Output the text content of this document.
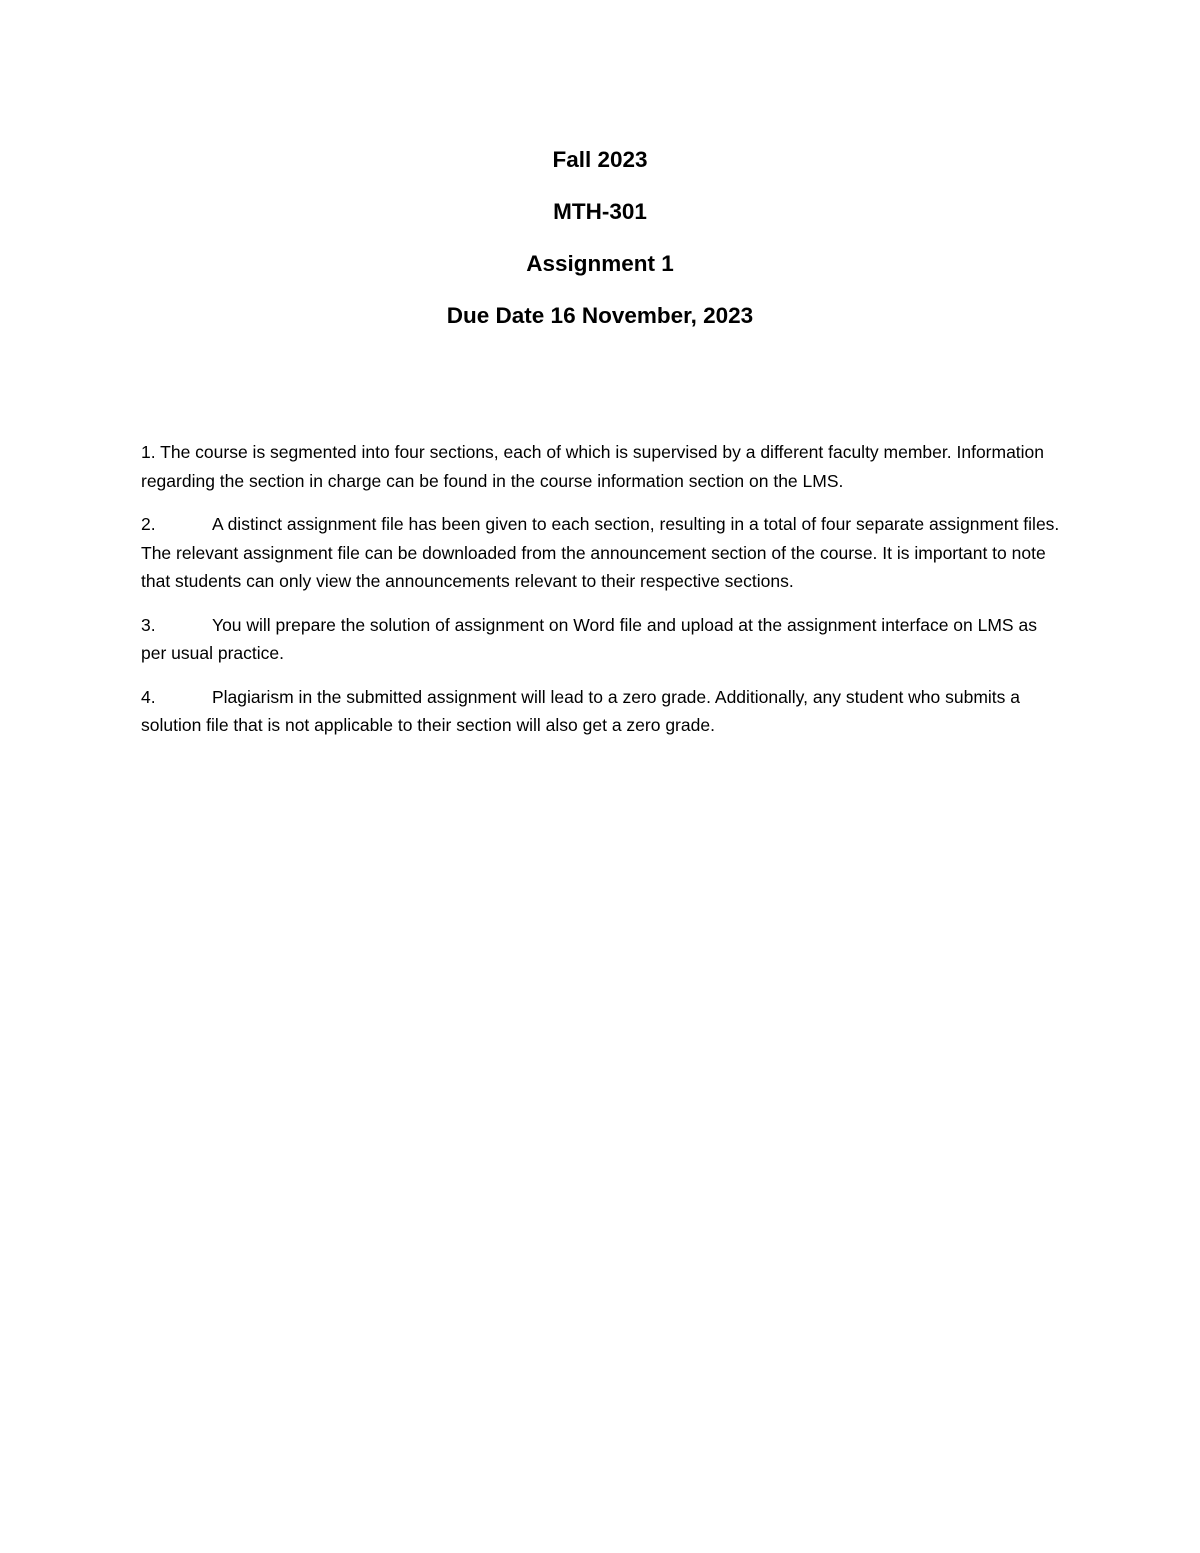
Fall 2023
MTH-301
Assignment 1
Due Date 16 November, 2023

1. The course is segmented into four sections, each of which is supervised by a different faculty member. Information regarding the section in charge can be found in the course information section on the LMS.

2.	A distinct assignment file has been given to each section, resulting in a total of four separate assignment files. The relevant assignment file can be downloaded from the announcement section of the course. It is important to note that students can only view the announcements relevant to their respective sections.

3.	You will prepare the solution of assignment on Word file and upload at the assignment interface on LMS as per usual practice.

4.	Plagiarism in the submitted assignment will lead to a zero grade. Additionally, any student who submits a solution file that is not applicable to their section will also get a zero grade.
